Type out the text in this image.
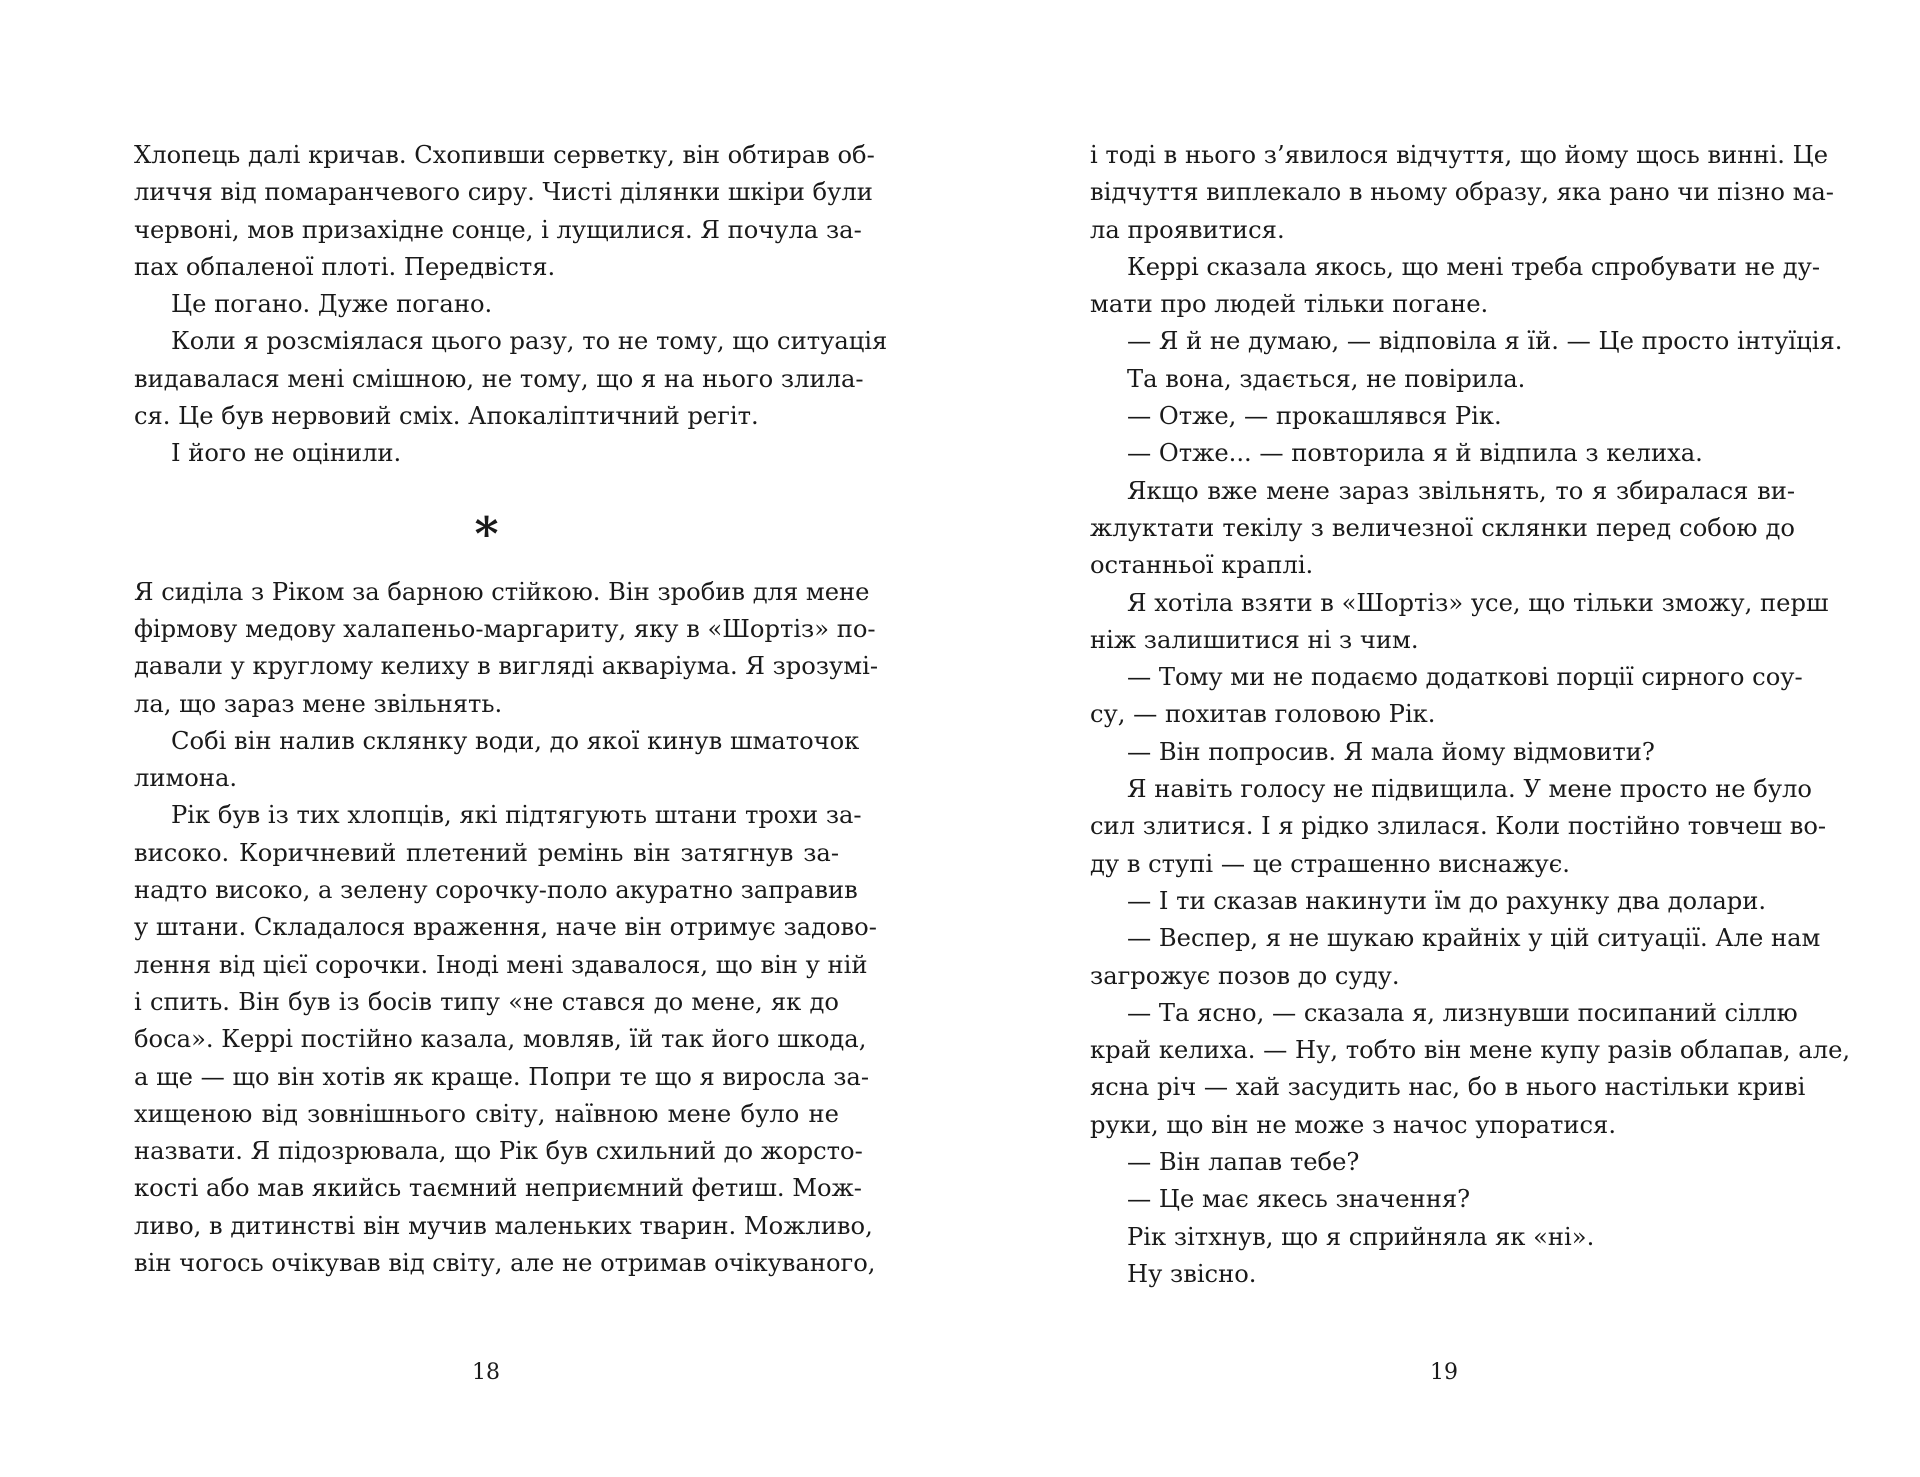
Хлопець далі кричав. Схопивши серветку, він обтирав об-
личчя від помаранчевого сиру. Чисті ділянки шкіри були
червоні, мов призахідне сонце, і лущилися. Я почула за-
пах обпаленої плоті. Передвістя.
Це погано. Дуже погано.
Коли я розсміялася цього разу, то не тому, що ситуація
видавалася мені смішною, не тому, що я на нього злила-
ся. Це був нервовий сміх. Апокаліптичний регіт.
І його не оцінили.
*
Я сиділа з Ріком за барною стійкою. Він зробив для мене
фірмову медову халапеньо-маргариту, яку в «Шортіз» по-
давали у круглому келиху в вигляді акваріума. Я зрозумі-
ла, що зараз мене звільнять.
Собі він налив склянку води, до якої кинув шматочок
лимона.
Рік був із тих хлопців, які підтягують штани трохи за-
високо. Коричневий плетений ремінь він затягнув за-
надто високо, а зелену сорочку-поло акуратно заправив
у штани. Складалося враження, наче він отримує задово-
лення від цієї сорочки. Іноді мені здавалося, що він у ній
і спить. Він був із босів типу «не стався до мене, як до
боса». Керрі постійно казала, мовляв, їй так його шкода,
а ще — що він хотів як краще. Попри те що я виросла за-
хищеною від зовнішнього світу, наївною мене було не
назвати. Я підозрювала, що Рік був схильний до жорсто-
кості або мав якийсь таємний неприємний фетиш. Мож-
ливо, в дитинстві він мучив маленьких тварин. Можливо,
він чогось очікував від світу, але не отримав очікуваного,
18
і тоді в нього з’явилося відчуття, що йому щось винні. Це
відчуття виплекало в ньому образу, яка рано чи пізно ма-
ла проявитися.
Керрі сказала якось, що мені треба спробувати не ду-
мати про людей тільки погане.
— Я й не думаю, — відповіла я їй. — Це просто інтуїція.
Та вона, здається, не повірила.
— Отже, — прокашлявся Рік.
— Отже... — повторила я й відпила з келиха.
Якщо вже мене зараз звільнять, то я збиралася ви-
жлуктати текілу з величезної склянки перед собою до
останньої краплі.
Я хотіла взяти в «Шортіз» усе, що тільки зможу, перш
ніж залишитися ні з чим.
— Тому ми не подаємо додаткові порції сирного соу-
су, — похитав головою Рік.
— Він попросив. Я мала йому відмовити?
Я навіть голосу не підвищила. У мене просто не було
сил злитися. І я рідко злилася. Коли постійно товчеш во-
ду в ступі — це страшенно виснажує.
— І ти сказав накинути їм до рахунку два долари.
— Веспер, я не шукаю крайніх у цій ситуації. Але нам
загрожує позов до суду.
— Та ясно, — сказала я, лизнувши посипаний сіллю
край келиха. — Ну, тобто він мене купу разів облапав, але,
ясна річ — хай засудить нас, бо в нього настільки криві
руки, що він не може з начос упоратися.
— Він лапав тебе?
— Це має якесь значення?
Рік зітхнув, що я сприйняла як «ні».
Ну звісно.
19
